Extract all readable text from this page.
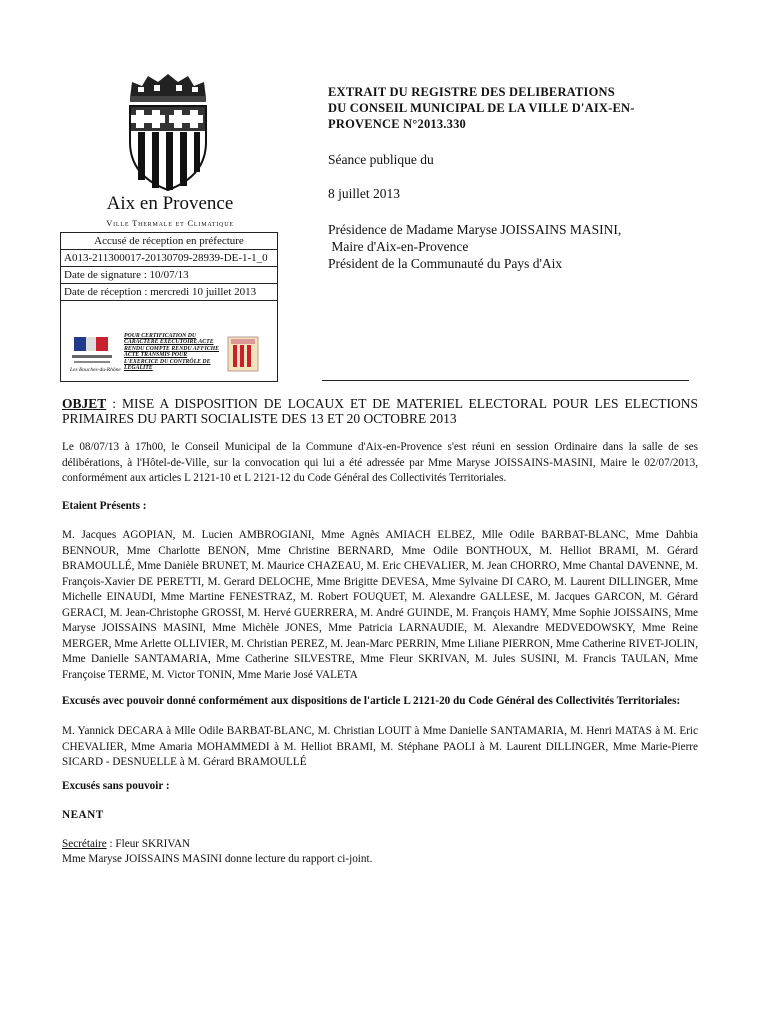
Aix en Provence
Ville Thermale et Climatique
EXTRAIT DU REGISTRE DES DELIBERATIONS
DU CONSEIL MUNICIPAL DE LA VILLE D'AIX-EN-
PROVENCE N°2013.330
Séance publique du
8 juillet 2013
Présidence de Madame Maryse JOISSAINS MASINI,
Maire d'Aix-en-Provence
Président de la Communauté du Pays d'Aix
Accusé de réception en préfecture
A013-211300017-20130709-28939-DE-1-1_0
Date de signature : 10/07/13
Date de réception : mercredi 10 juillet 2013
POUR CERTIFICATION DU CARACTERE EXECUTOIRE ACTE RENDU COMPTE RENDU AFFICHE ACTE TRANSMIS POUR L'EXERCICE DU CONTRÔLE DE LEGALITE
Les Bouches-du-Rhône
OBJET : MISE A DISPOSITION DE LOCAUX ET DE MATERIEL ELECTORAL POUR LES ELECTIONS PRIMAIRES DU PARTI SOCIALISTE DES 13 ET 20 OCTOBRE 2013
Le 08/07/13 à 17h00, le Conseil Municipal de la Commune d'Aix-en-Provence s'est réuni en session Ordinaire dans la salle de ses délibérations, à l'Hôtel-de-Ville, sur la convocation qui lui a été adressée par Mme Maryse JOISSAINS-MASINI, Maire le 02/07/2013, conformément aux articles L 2121-10 et L 2121-12 du Code Général des Collectivités Territoriales.
Etaient Présents :
M. Jacques AGOPIAN, M. Lucien AMBROGIANI, Mme Agnès AMIACH ELBEZ, Mlle Odile BARBAT-BLANC, Mme Dahbia BENNOUR, Mme Charlotte BENON, Mme Christine BERNARD, Mme Odile BONTHOUX, M. Helliot BRAMI, M. Gérard BRAMOULLÉ, Mme Danièle BRUNET, M. Maurice CHAZEAU, M. Eric CHEVALIER, M. Jean CHORRO, Mme Chantal DAVENNE, M. François-Xavier DE PERETTI, M. Gerard DELOCHE, Mme Brigitte DEVESA, Mme Sylvaine DI CARO, M. Laurent DILLINGER, Mme Michelle EINAUDI, Mme Martine FENESTRAZ, M. Robert FOUQUET, M. Alexandre GALLESE, M. Jacques GARCON, M. Gérard GERACI, M. Jean-Christophe GROSSI, M. Hervé GUERRERA, M. André GUINDE, M. François HAMY, Mme Sophie JOISSAINS, Mme Maryse JOISSAINS MASINI, Mme Michèle JONES, Mme Patricia LARNAUDIE, M. Alexandre MEDVEDOWSKY, Mme Reine MERGER, Mme Arlette OLLIVIER, M. Christian PEREZ, M. Jean-Marc PERRIN, Mme Liliane PIERRON, Mme Catherine RIVET-JOLIN, Mme Danielle SANTAMARIA, Mme Catherine SILVESTRE, Mme Fleur SKRIVAN, M. Jules SUSINI, M. Francis TAULAN, Mme Françoise TERME, M. Victor TONIN, Mme Marie José VALETA
Excusés avec pouvoir donné conformément aux dispositions de l'article L 2121-20 du Code Général des Collectivités Territoriales:
M. Yannick DECARA à Mlle Odile BARBAT-BLANC, M. Christian LOUIT à Mme Danielle SANTAMARIA, M. Henri MATAS à M. Eric CHEVALIER, Mme Amaria MOHAMMEDI à M. Helliot BRAMI, M. Stéphane PAOLI à M. Laurent DILLINGER, Mme Marie-Pierre SICARD - DESNUELLE à M. Gérard BRAMOULLÉ
Excusés sans pouvoir :
NEANT
Secrétaire : Fleur SKRIVAN
Mme Maryse JOISSAINS MASINI donne lecture du rapport ci-joint.
